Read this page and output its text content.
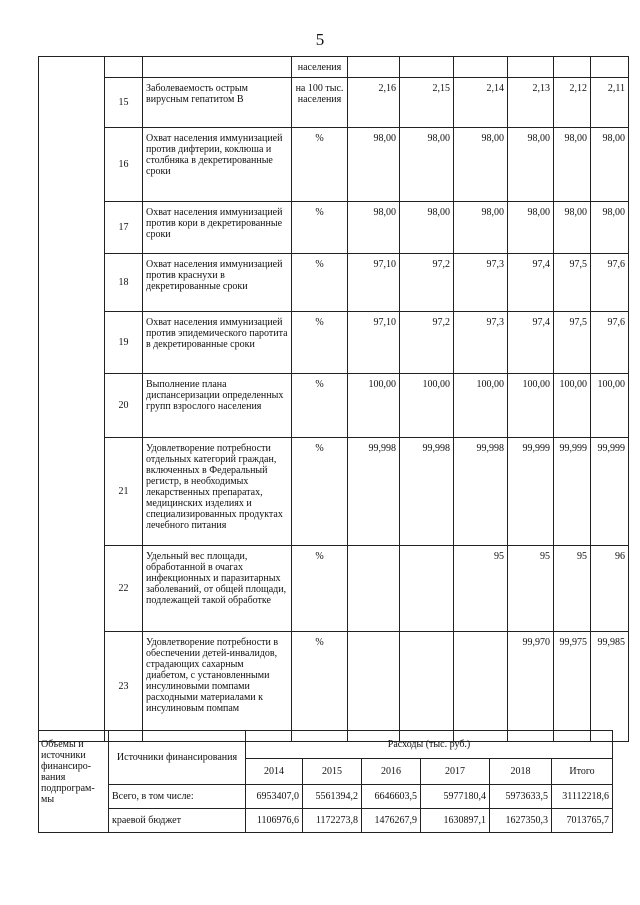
5
			населения						
	15	Заболеваемость острым вирусным гепатитом В	на 100 тыс. населения	2,16	2,15	2,14	2,13	2,12	2,11
	16	Охват населения иммунизацией против дифтерии, коклюша и столбняка в декретированные сроки	%	98,00	98,00	98,00	98,00	98,00	98,00
	17	Охват населения иммунизацией против кори в декретированные сроки	%	98,00	98,00	98,00	98,00	98,00	98,00
	18	Охват населения иммунизацией против краснухи в декретированные сроки	%	97,10	97,2	97,3	97,4	97,5	97,6
	19	Охват населения иммунизацией против эпидемического паротита в декретированные сроки	%	97,10	97,2	97,3	97,4	97,5	97,6
	20	Выполнение плана диспансеризации определенных групп взрослого населения	%	100,00	100,00	100,00	100,00	100,00	100,00
	21	Удовлетворение потребности отдельных категорий граждан, включенных в Федеральный регистр, в необходимых лекарственных препаратах, медицинских изделиях и специализированных продуктах лечебного питания	%	99,998	99,998	99,998	99,999	99,999	99,999
	22	Удельный вес площади, обработанной в очагах инфекционных и паразитарных заболеваний, от общей площади, подлежащей такой обработке	%			95	95	95	96
	23	Удовлетворение потребности в обеспечении детей-инвалидов, страдающих сахарным диабетом, с установленными инсулиновыми помпами расходными материалами к инсулиновым помпам	%				99,970	99,975	99,985
Объемы и источники финансиро-вания подпрограм-мы	Источники финансирования	Расходы (тыс. руб.)					
		2014	2015	2016	2017	2018	Итого
	Всего, в том числе:	6953407,0	5561394,2	6646603,5	5977180,4	5973633,5	31112218,6
	краевой бюджет	1106976,6	1172273,8	1476267,9	1630897,1	1627350,3	7013765,7
